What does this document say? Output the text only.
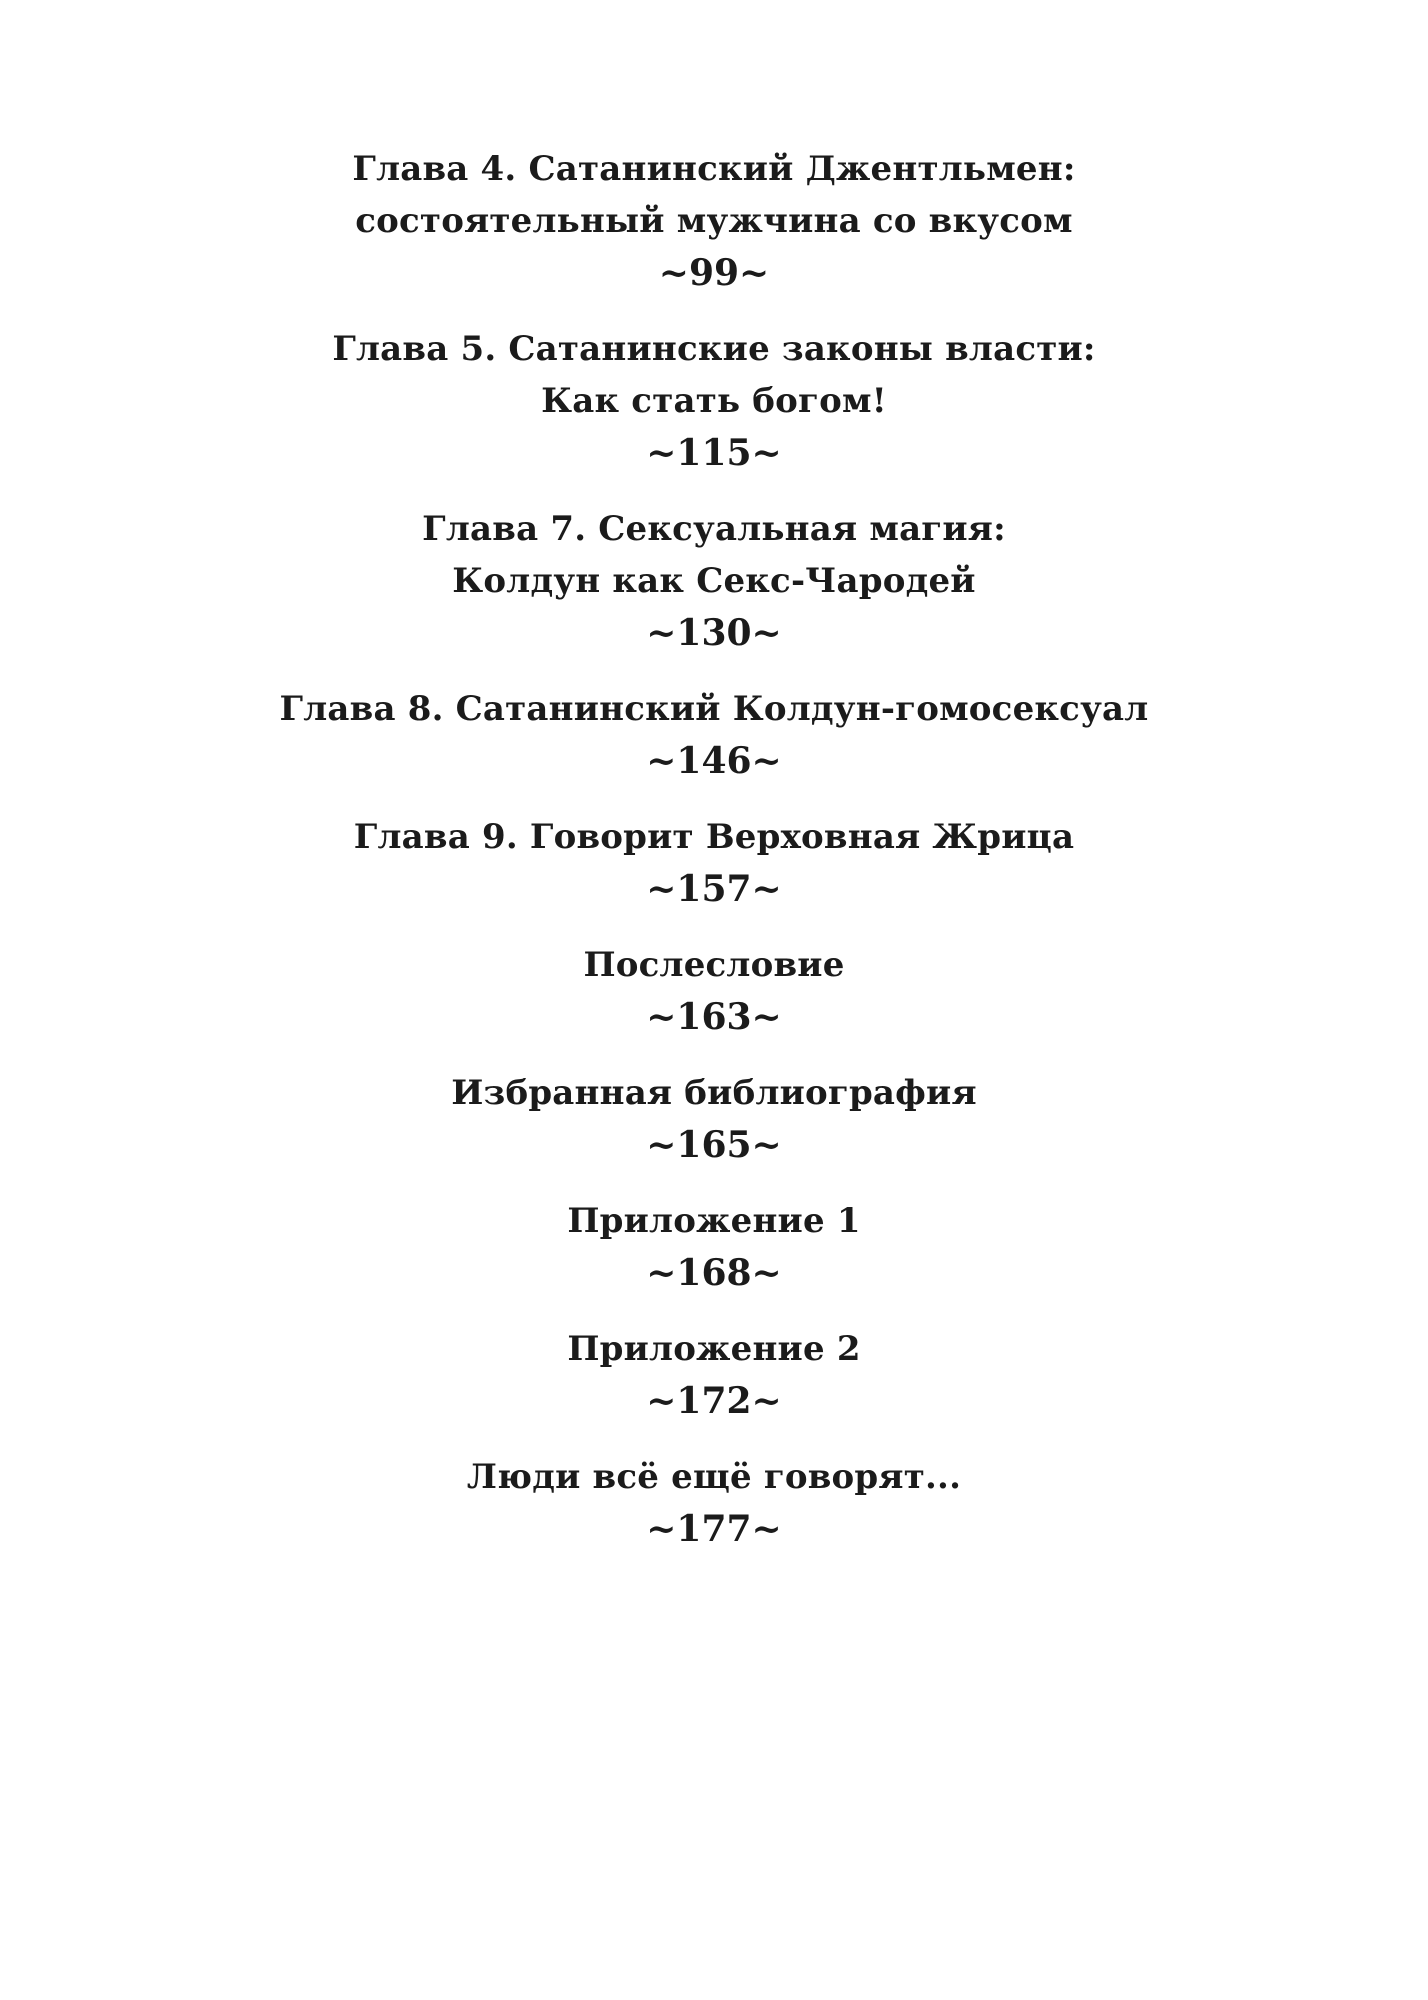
Глава 4. Сатанинский Джентльмен:
состоятельный мужчина со вкусом
~99~
Глава 5. Сатанинские законы власти:
Как стать богом!
~115~
Глава 7. Сексуальная магия:
Колдун как Секс-Чародей
~130~
Глава 8. Сатанинский Колдун-гомосексуал
~146~
Глава 9. Говорит Верховная Жрица
~157~
Послесловие
~163~
Избранная библиография
~165~
Приложение 1
~168~
Приложение 2
~172~
Люди всё ещё говорят...
~177~
